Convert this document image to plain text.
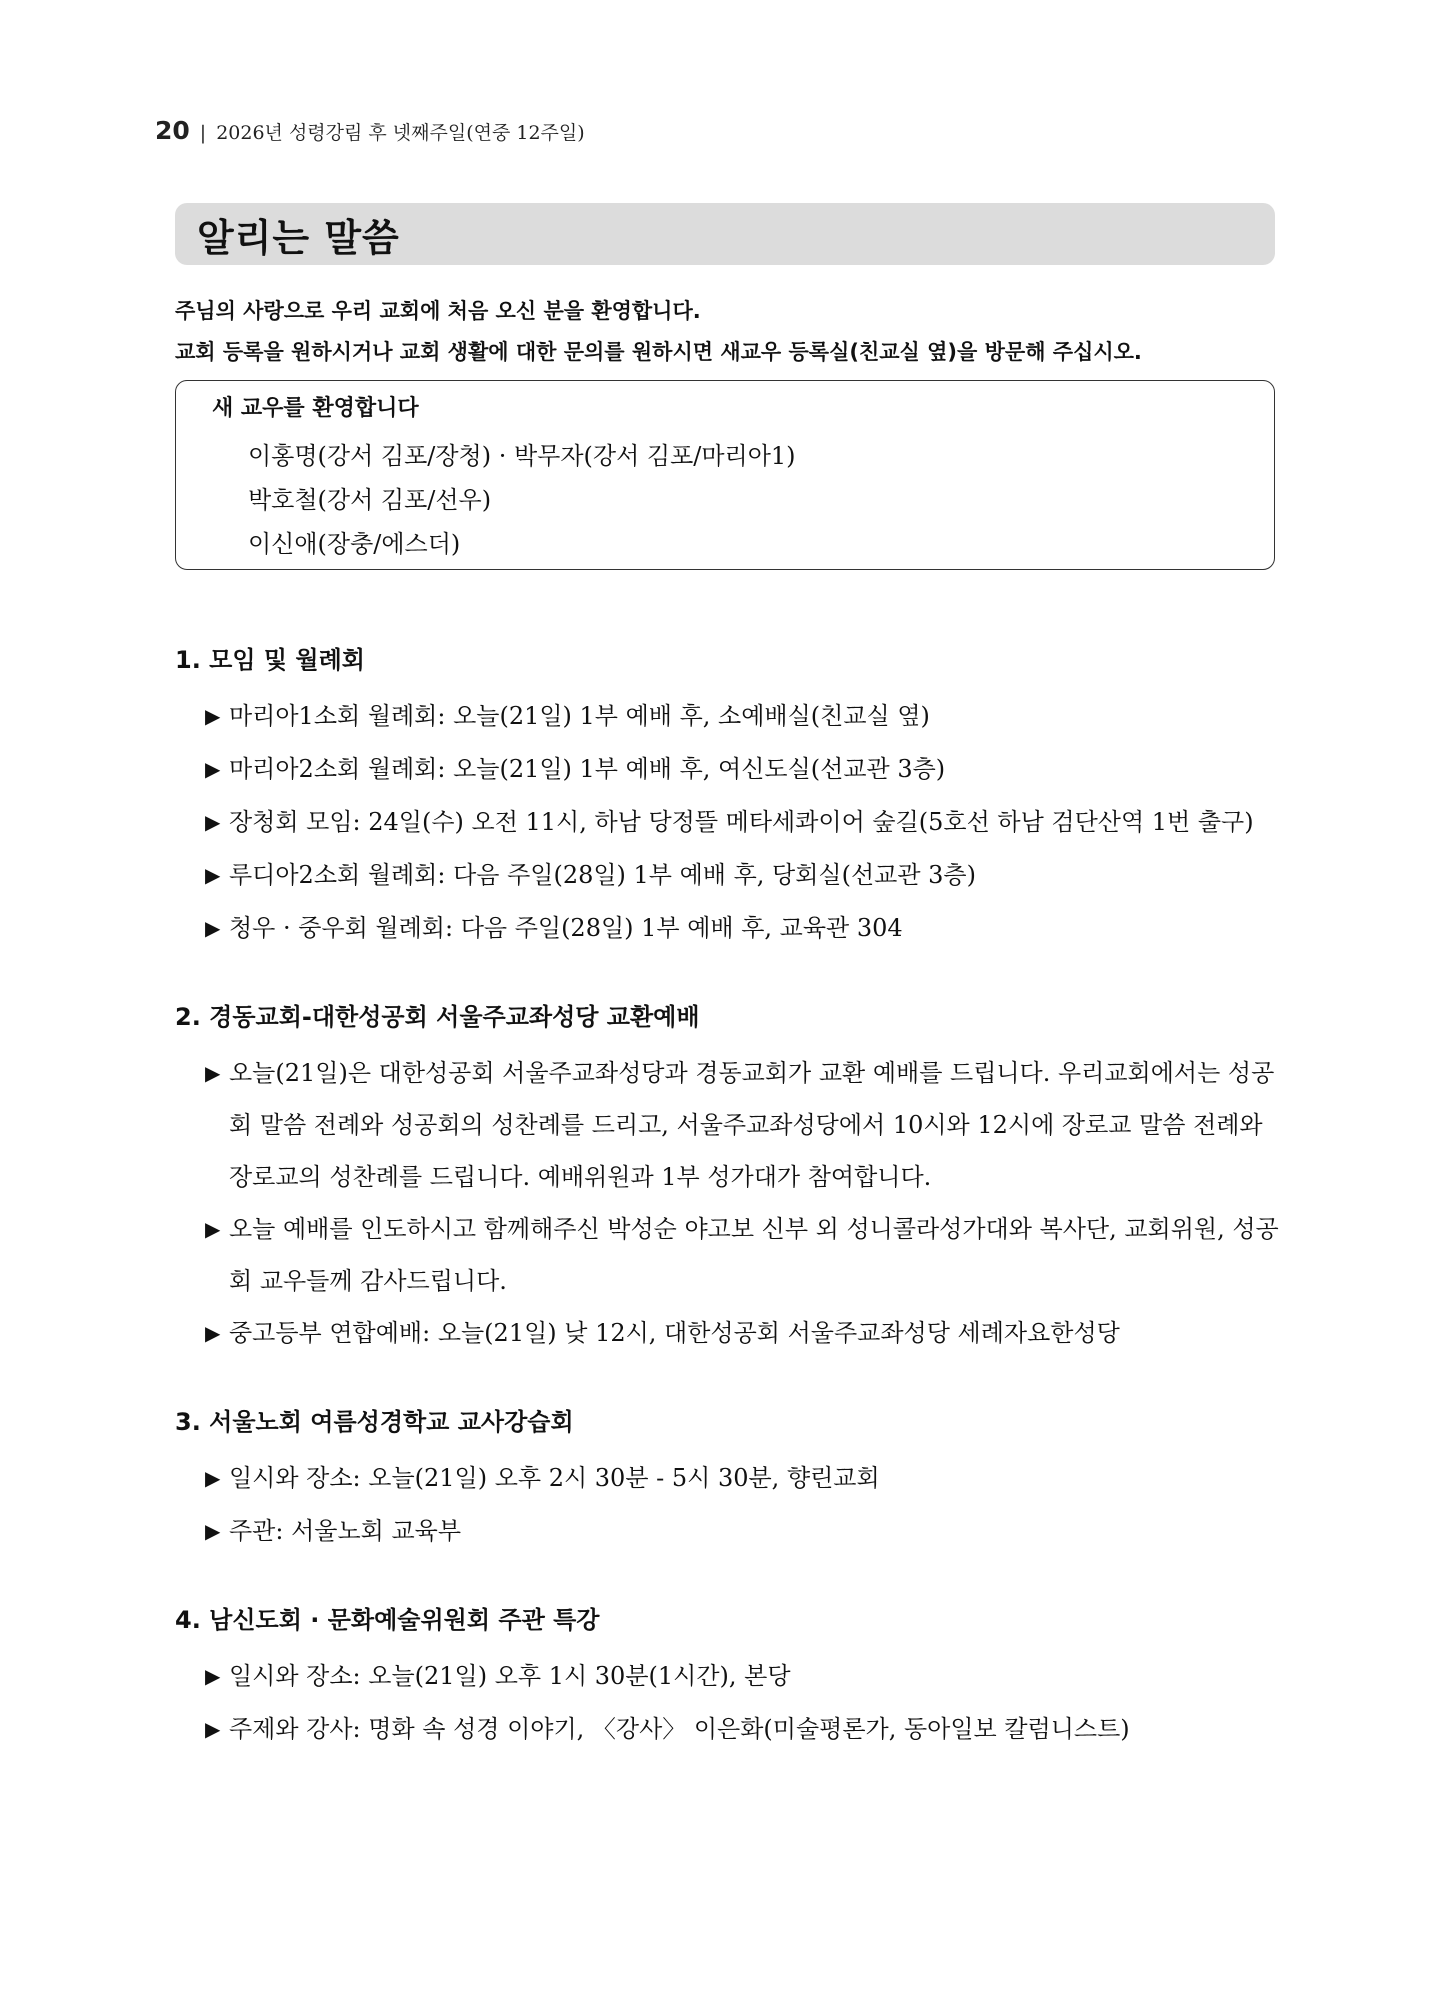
20 | 2026년 성령강림 후 넷째주일(연중 12주일)
알리는 말씀
주님의 사랑으로 우리 교회에 처음 오신 분을 환영합니다.
교회 등록을 원하시거나 교회 생활에 대한 문의를 원하시면 새교우 등록실(친교실 옆)을 방문해 주십시오.
새 교우를 환영합니다
이홍명(강서 김포/장청) · 박무자(강서 김포/마리아1)
박호철(강서 김포/선우)
이신애(장충/에스더)
1. 모임 및 월례회
▶ 마리아1소회 월례회: 오늘(21일) 1부 예배 후, 소예배실(친교실 옆)
▶ 마리아2소회 월례회: 오늘(21일) 1부 예배 후, 여신도실(선교관 3층)
▶ 장청회 모임: 24일(수) 오전 11시, 하남 당정뜰 메타세콰이어 숲길(5호선 하남 검단산역 1번 출구)
▶ 루디아2소회 월례회: 다음 주일(28일) 1부 예배 후, 당회실(선교관 3층)
▶ 청우 · 중우회 월례회: 다음 주일(28일) 1부 예배 후, 교육관 304
2. 경동교회-대한성공회 서울주교좌성당 교환예배
▶ 오늘(21일)은 대한성공회 서울주교좌성당과 경동교회가 교환 예배를 드립니다. 우리교회에서는 성공회 말씀 전례와 성공회의 성찬례를 드리고, 서울주교좌성당에서 10시와 12시에 장로교 말씀 전례와 장로교의 성찬례를 드립니다. 예배위원과 1부 성가대가 참여합니다.
▶ 오늘 예배를 인도하시고 함께해주신 박성순 야고보 신부 외 성니콜라성가대와 복사단, 교회위원, 성공회 교우들께 감사드립니다.
▶ 중고등부 연합예배: 오늘(21일) 낮 12시, 대한성공회 서울주교좌성당 세례자요한성당
3. 서울노회 여름성경학교 교사강습회
▶ 일시와 장소: 오늘(21일) 오후 2시 30분 - 5시 30분, 향린교회
▶ 주관: 서울노회 교육부
4. 남신도회 · 문화예술위원회 주관 특강
▶ 일시와 장소: 오늘(21일) 오후 1시 30분(1시간), 본당
▶ 주제와 강사: 명화 속 성경 이야기, 〈강사〉 이은화(미술평론가, 동아일보 칼럼니스트)
